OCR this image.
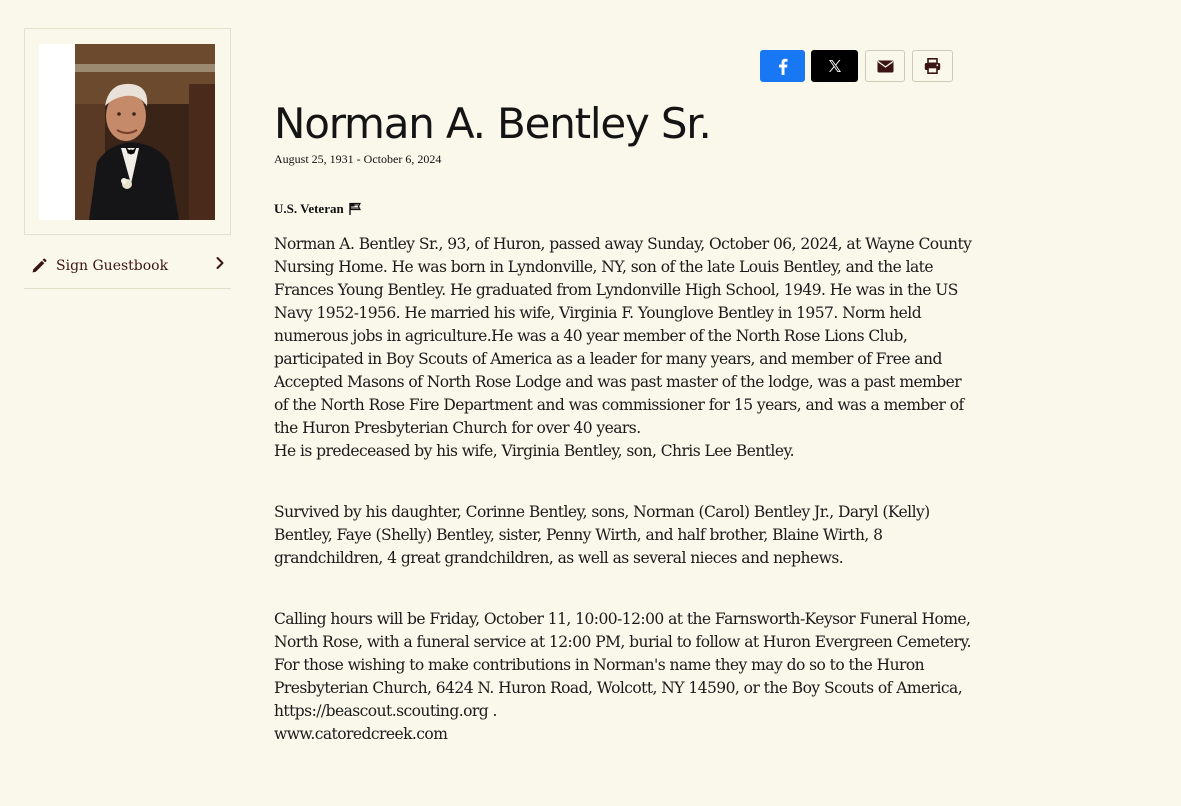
Sign Guestbook
Norman A. Bentley Sr.
August 25, 1931 - October 6, 2024
U.S. Veteran

Norman A. Bentley Sr., 93, of Huron, passed away Sunday, October 06, 2024, at Wayne County Nursing Home. He was born in Lyndonville, NY, son of the late Louis Bentley, and the late Frances Young Bentley. He graduated from Lyndonville High School, 1949. He was in the US Navy 1952-1956. He married his wife, Virginia F. Younglove Bentley in 1957. Norm held numerous jobs in agriculture.He was a 40 year member of the North Rose Lions Club, participated in Boy Scouts of America as a leader for many years, and member of Free and Accepted Masons of North Rose Lodge and was past master of the lodge, was a past member of the North Rose Fire Department and was commissioner for 15 years, and was a member of the Huron Presbyterian Church for over 40 years.

He is predeceased by his wife, Virginia Bentley, son, Chris Lee Bentley.

Survived by his daughter, Corinne Bentley, sons, Norman (Carol) Bentley Jr., Daryl (Kelly) Bentley, Faye (Shelly) Bentley, sister, Penny Wirth, and half brother, Blaine Wirth, 8 grandchildren, 4 great grandchildren, as well as several nieces and nephews.

Calling hours will be Friday, October 11, 10:00-12:00 at the Farnsworth-Keysor Funeral Home, North Rose, with a funeral service at 12:00 PM, burial to follow at Huron Evergreen Cemetery. For those wishing to make contributions in Norman's name they may do so to the Huron Presbyterian Church, 6424 N. Huron Road, Wolcott, NY 14590, or the Boy Scouts of America, https://beascout.scouting.org .

www.catoredcreek.com
